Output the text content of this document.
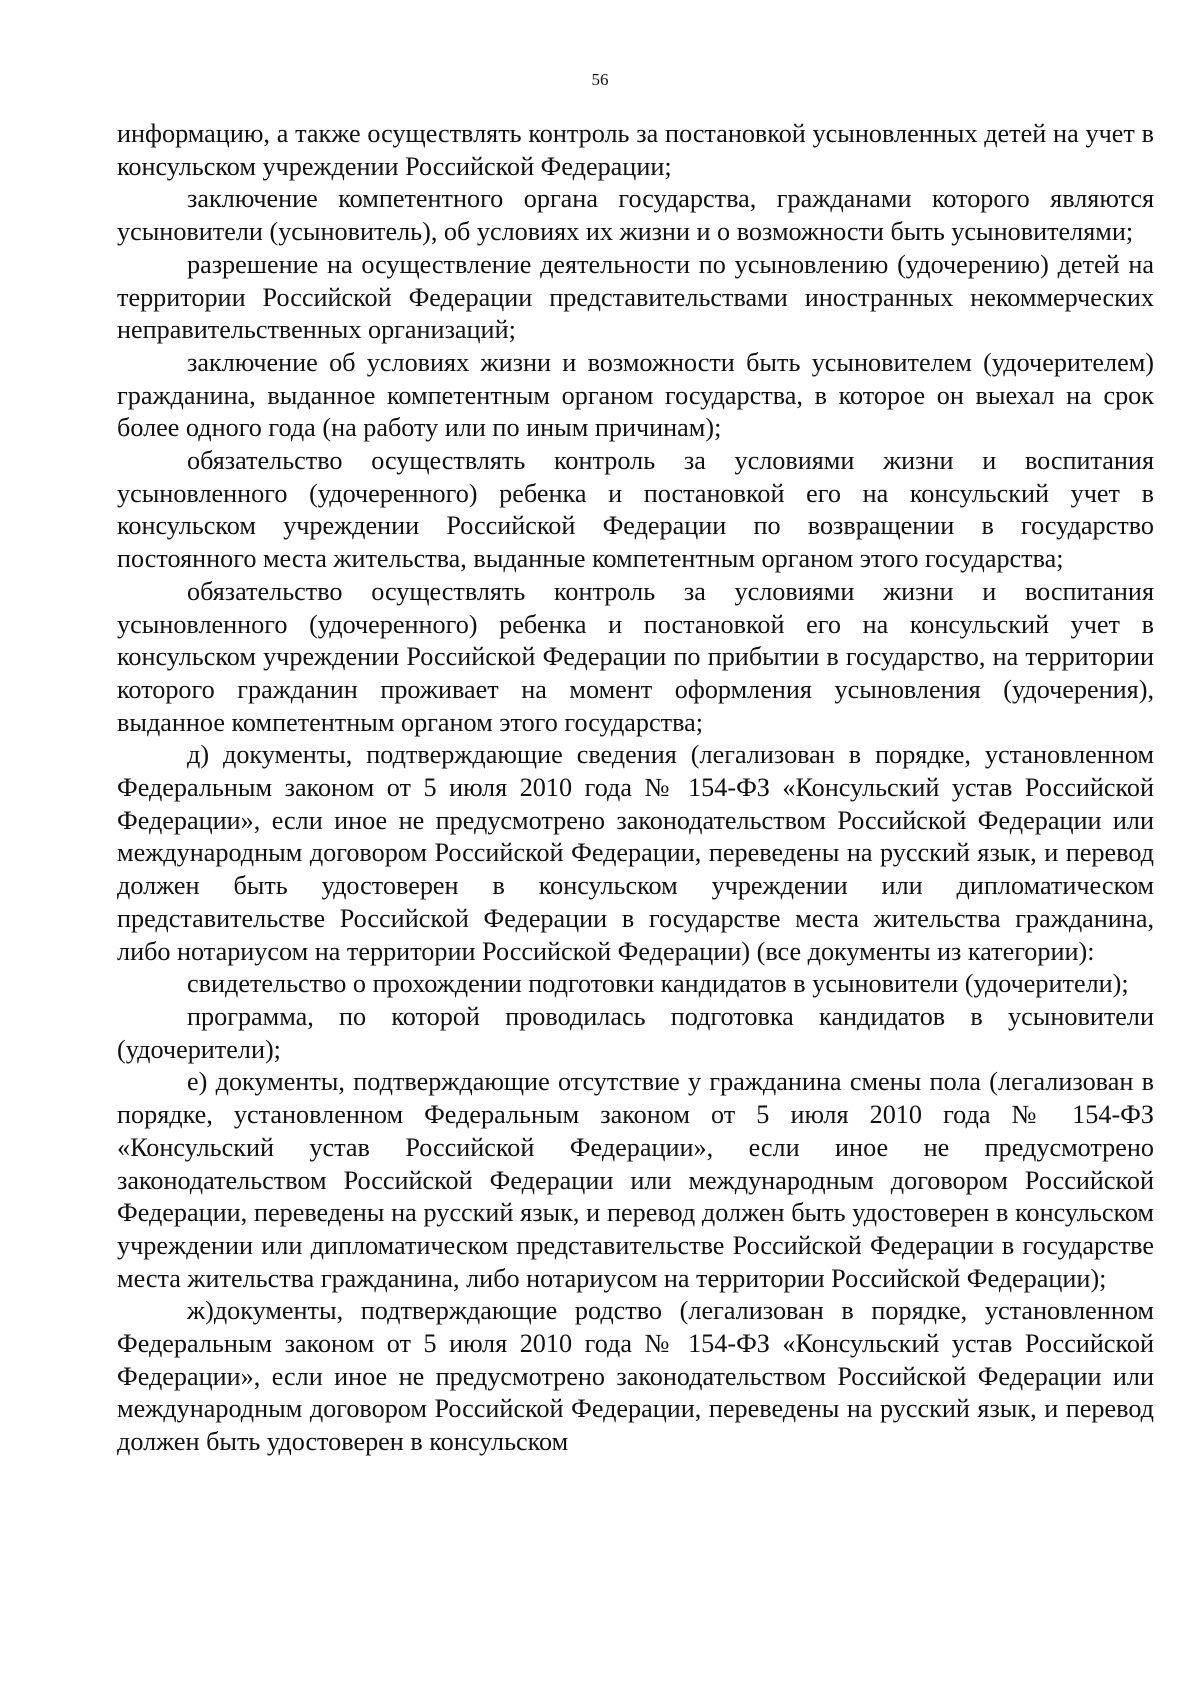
56

информацию, а также осуществлять контроль за постановкой усыновленных детей на учет в консульском учреждении Российской Федерации;

заключение компетентного органа государства, гражданами которого являются усыновители (усыновитель), об условиях их жизни и о возможности быть усыновителями;

разрешение на осуществление деятельности по усыновлению (удочерению) детей на территории Российской Федерации представительствами иностранных некоммерческих неправительственных организаций;

заключение об условиях жизни и возможности быть усыновителем (удочерителем) гражданина, выданное компетентным органом государства, в которое он выехал на срок более одного года (на работу или по иным причинам);

обязательство осуществлять контроль за условиями жизни и воспитания усыновленного (удочеренного) ребенка и постановкой его на консульский учет в консульском учреждении Российской Федерации по возвращении в государство постоянного места жительства, выданные компетентным органом этого государства;

обязательство осуществлять контроль за условиями жизни и воспитания усыновленного (удочеренного) ребенка и постановкой его на консульский учет в консульском учреждении Российской Федерации по прибытии в государство, на территории которого гражданин проживает на момент оформления усыновления (удочерения), выданное компетентным органом этого государства;

д) документы, подтверждающие сведения (легализован в порядке, установленном Федеральным законом от 5 июля 2010 года № 154-ФЗ «Консульский устав Российской Федерации», если иное не предусмотрено законодательством Российской Федерации или международным договором Российской Федерации, переведены на русский язык, и перевод должен быть удостоверен в консульском учреждении или дипломатическом представительстве Российской Федерации в государстве места жительства гражданина, либо нотариусом на территории Российской Федерации) (все документы из категории):

свидетельство о прохождении подготовки кандидатов в усыновители (удочерители);

программа, по которой проводилась подготовка кандидатов в усыновители (удочерители);

е) документы, подтверждающие отсутствие у гражданина смены пола (легализован в порядке, установленном Федеральным законом от 5 июля 2010 года № 154-ФЗ «Консульский устав Российской Федерации», если иное не предусмотрено законодательством Российской Федерации или международным договором Российской Федерации, переведены на русский язык, и перевод должен быть удостоверен в консульском учреждении или дипломатическом представительстве Российской Федерации в государстве места жительства гражданина, либо нотариусом на территории Российской Федерации);

ж)документы, подтверждающие родство (легализован в порядке, установленном Федеральным законом от 5 июля 2010 года № 154-ФЗ «Консульский устав Российской Федерации», если иное не предусмотрено законодательством Российской Федерации или международным договором Российской Федерации, переведены на русский язык, и перевод должен быть удостоверен в консульском
